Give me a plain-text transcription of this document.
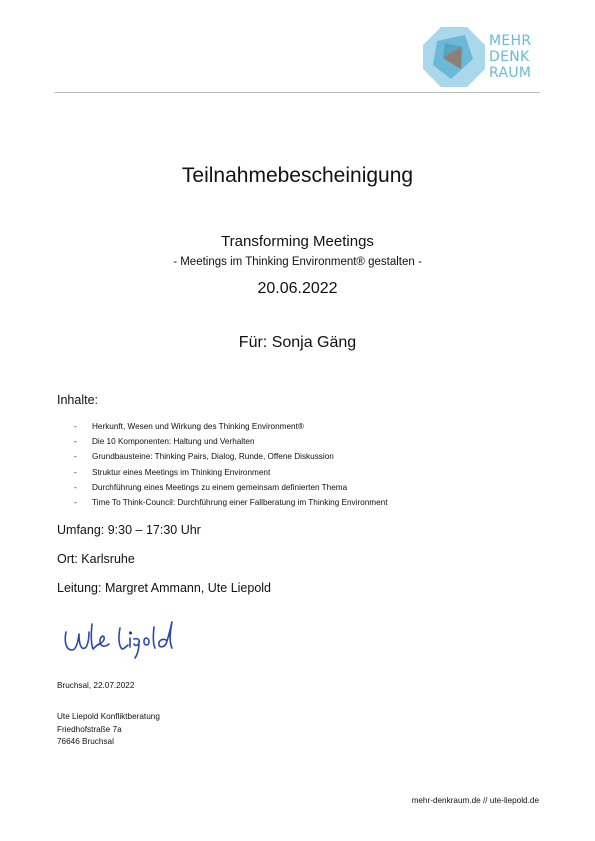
MEHR
DENK
RAUM
Teilnahmebescheinigung
Transforming Meetings
- Meetings im Thinking Environment® gestalten -
20.06.2022
Für: Sonja Gäng
Inhalte:
- Herkunft, Wesen und Wirkung des Thinking Environment®
- Die 10 Komponenten: Haltung und Verhalten
- Grundbausteine: Thinking Pairs, Dialog, Runde, Offene Diskussion
- Struktur eines Meetings im Thinking Environment
- Durchführung eines Meetings zu einem gemeinsam definierten Thema
- Time To Think-Council: Durchführung einer Fallberatung im Thinking Environment
Umfang: 9:30 – 17:30 Uhr
Ort: Karlsruhe
Leitung: Margret Ammann, Ute Liepold
Bruchsal, 22.07.2022
Ute Liepold Konfliktberatung
Friedhofstraße 7a
76646 Bruchsal
mehr-denkraum.de // ute-liepold.de
